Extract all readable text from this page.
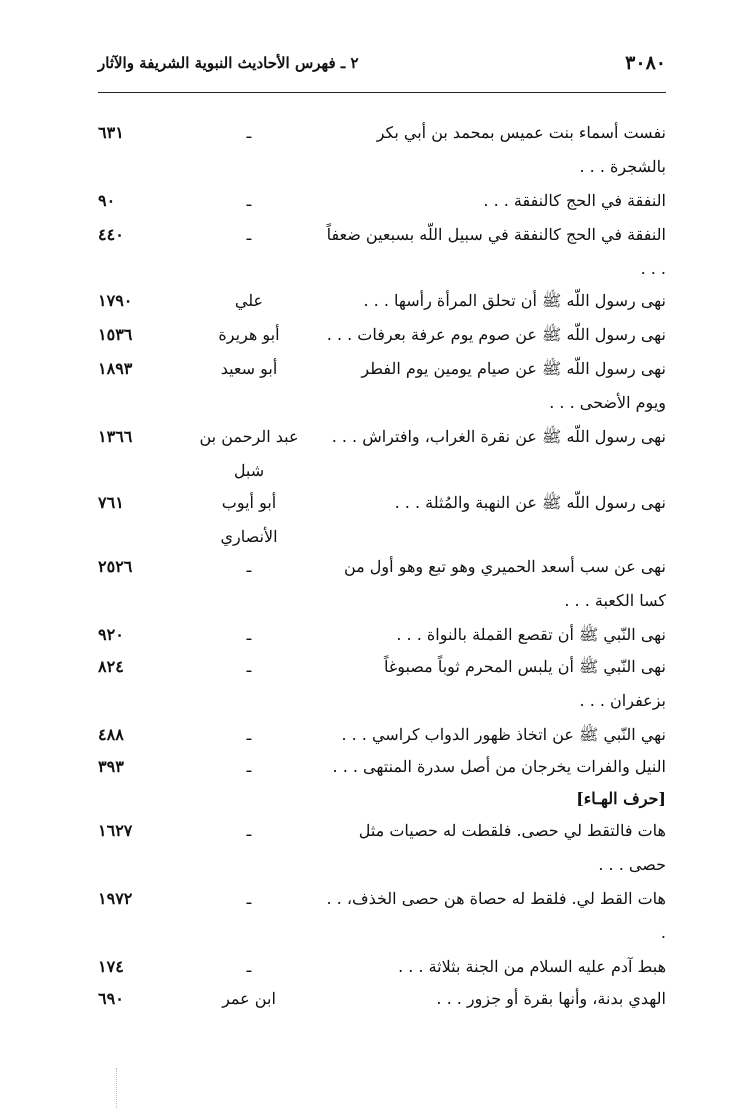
٣٠٨٠
٢ ـ فهرس الأحاديث النبوية الشريفة والآثار
نفست أسماء بنت عميس بمحمد بن أبي بكر بالشجرة . . .
ـ
٦٣١
النفقة في الحج كالنفقة . . .
ـ
٩٠
النفقة في الحج كالنفقة في سبيل اللّه بسبعين ضعفاً . . .
ـ
٤٤٠
نهى رسول اللّه ﷺ أن تحلق المرأة رأسها . . .
علي
١٧٩٠
نهى رسول اللّه ﷺ عن صوم يوم عرفة بعرفات . . .
أبو هريرة
١٥٣٦
نهى رسول اللّه ﷺ عن صيام يومين يوم الفطر ويوم الأضحى . . .
أبو سعيد
١٨٩٣
نهى رسول اللّه ﷺ عن نقرة الغراب، وافتراش . . .
عبد الرحمن بن شبل
١٣٦٦
نهى رسول اللّه ﷺ عن النهبة والمُثلة . . .
أبو أيوب الأنصاري
٧٦١
نهى عن سب أسعد الحميري وهو تبع وهو أول من كسا الكعبة . . .
ـ
٢٥٢٦
نهى النّبي ﷺ أن تقصع القملة بالنواة . . .
ـ
٩٢٠
نهى النّبي ﷺ أن يلبس المحرم ثوباً مصبوغاً بزعفران . . .
ـ
٨٢٤
نهي النّبي ﷺ عن اتخاذ ظهور الدواب كراسي . . .
ـ
٤٨٨
النيل والفرات يخرجان من أصل سدرة المنتهى . . .
ـ
٣٩٣
[حرف الهـاء]
هات فالتقط لي حصى. فلقطت له حصيات مثل حصى . . .
ـ
١٦٢٧
هات القط لي. فلقط له حصاة هن حصى الخذف، . . .
ـ
١٩٧٢
هبط آدم عليه السلام من الجنة بثلاثة . . .
ـ
١٧٤
الهدي بدنة، وأنها بقرة أو جزور . . .
ابن عمر
٦٩٠
